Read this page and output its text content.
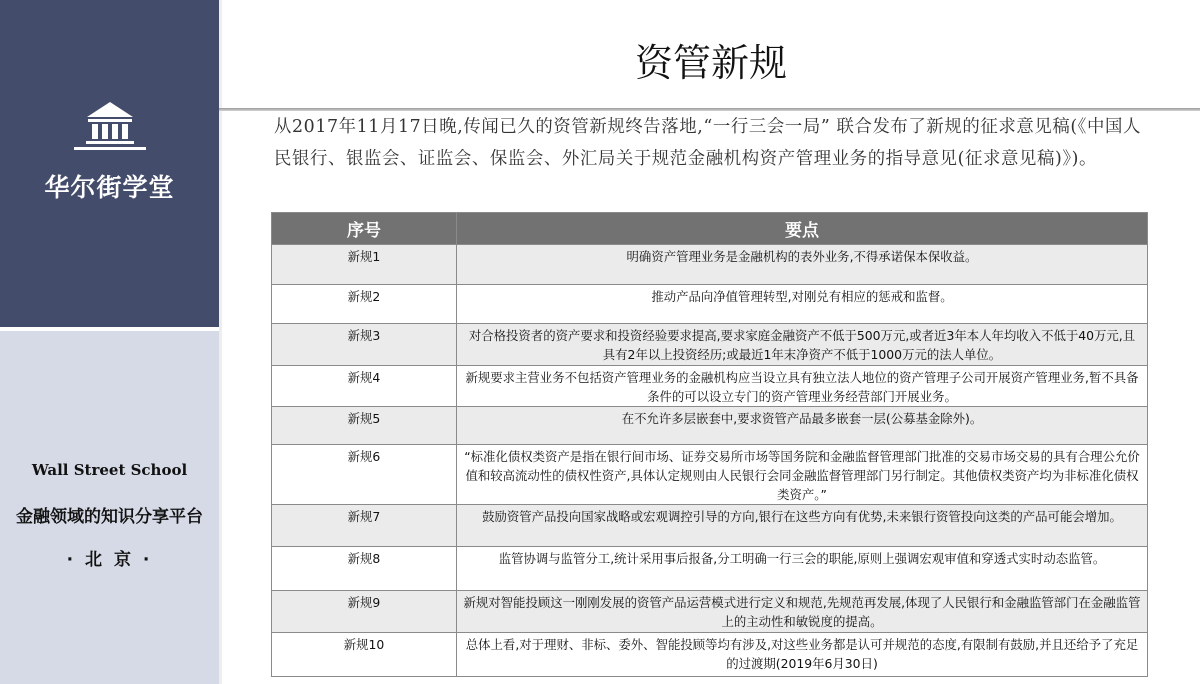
华尔街学堂
Wall Street School
金融领域的知识分享平台
· 北 京 ·
资管新规
从2017年11月17日晚,传闻已久的资管新规终告落地,“一行三会一局” 联合发布了新规的征求意见稿(《中国人民银行、银监会、证监会、保监会、外汇局关于规范金融机构资产管理业务的指导意见(征求意见稿)》)。
序号	要点
新规1	明确资产管理业务是金融机构的表外业务,不得承诺保本保收益。
新规2	推动产品向净值管理转型,对刚兑有相应的惩戒和监督。
新规3	对合格投资者的资产要求和投资经验要求提高,要求家庭金融资产不低于500万元,或者近3年本人年均收入不低于40万元,且具有2年以上投资经历;或最近1年末净资产不低于1000万元的法人单位。
新规4	新规要求主营业务不包括资产管理业务的金融机构应当设立具有独立法人地位的资产管理子公司开展资产管理业务,暂不具备条件的可以设立专门的资产管理业务经营部门开展业务。
新规5	在不允许多层嵌套中,要求资管产品最多嵌套一层(公募基金除外)。
新规6	“标准化债权类资产是指在银行间市场、证券交易所市场等国务院和金融监督管理部门批准的交易市场交易的具有合理公允价值和较高流动性的债权性资产,具体认定规则由人民银行会同金融监督管理部门另行制定。其他债权类资产均为非标准化债权类资产。”
新规7	鼓励资管产品投向国家战略或宏观调控引导的方向,银行在这些方向有优势,未来银行资管投向这类的产品可能会增加。
新规8	监管协调与监管分工,统计采用事后报备,分工明确一行三会的职能,原则上强调宏观审值和穿透式实时动态监管。
新规9	新规对智能投顾这一刚刚发展的资管产品运营模式进行定义和规范,先规范再发展,体现了人民银行和金融监管部门在金融监管上的主动性和敏锐度的提高。
新规10	总体上看,对于理财、非标、委外、智能投顾等均有涉及,对这些业务都是认可并规范的态度,有限制有鼓励,并且还给予了充足的过渡期(2019年6月30日)
